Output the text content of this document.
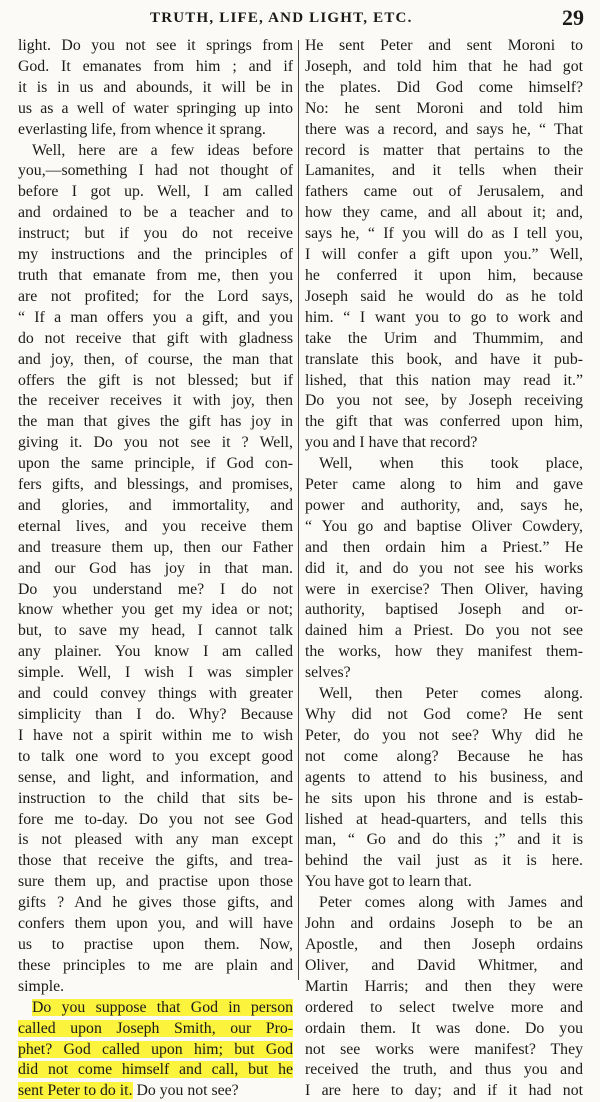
TRUTH, LIFE, AND LIGHT, ETC.	29
light. Do you not see it springs from
God. It emanates from him ; and if
it is in us and abounds, it will be in
us as a well of water springing up into
everlasting life, from whence it sprang.
Well, here are a few ideas before
you,—something I had not thought of
before I got up. Well, I am called
and ordained to be a teacher and to
instruct; but if you do not receive
my instructions and the principles of
truth that emanate from me, then you
are not profited; for the Lord says,
“ If a man offers you a gift, and you
do not receive that gift with gladness
and joy, then, of course, the man that
offers the gift is not blessed; but if
the receiver receives it with joy, then
the man that gives the gift has joy in
giving it. Do you not see it ? Well,
upon the same principle, if God con-
fers gifts, and blessings, and promises,
and glories, and immortality, and
eternal lives, and you receive them
and treasure them up, then our Father
and our God has joy in that man.
Do you understand me? I do not
know whether you get my idea or not;
but, to save my head, I cannot talk
any plainer. You know I am called
simple. Well, I wish I was simpler
and could convey things with greater
simplicity than I do. Why? Because
I have not a spirit within me to wish
to talk one word to you except good
sense, and light, and information, and
instruction to the child that sits be-
fore me to-day. Do you not see God
is not pleased with any man except
those that receive the gifts, and trea-
sure them up, and practise upon those
gifts ? And he gives those gifts, and
confers them upon you, and will have
us to practise upon them. Now,
these principles to me are plain and
simple.
Do you suppose that God in person
called upon Joseph Smith, our Pro-
phet? God called upon him; but God
did not come himself and call, but he
sent Peter to do it. Do you not see?
He sent Peter and sent Moroni to
Joseph, and told him that he had got
the plates. Did God come himself?
No: he sent Moroni and told him
there was a record, and says he, “ That
record is matter that pertains to the
Lamanites, and it tells when their
fathers came out of Jerusalem, and
how they came, and all about it; and,
says he, “ If you will do as I tell you,
I will confer a gift upon you.” Well,
he conferred it upon him, because
Joseph said he would do as he told
him. “ I want you to go to work and
take the Urim and Thummim, and
translate this book, and have it pub-
lished, that this nation may read it.”
Do you not see, by Joseph receiving
the gift that was conferred upon him,
you and I have that record?
Well, when this took place,
Peter came along to him and gave
power and authority, and, says he,
“ You go and baptise Oliver Cowdery,
and then ordain him a Priest.” He
did it, and do you not see his works
were in exercise? Then Oliver, having
authority, baptised Joseph and or-
dained him a Priest. Do you not see
the works, how they manifest them-
selves?
Well, then Peter comes along.
Why did not God come? He sent
Peter, do you not see? Why did he
not come along? Because he has
agents to attend to his business, and
he sits upon his throne and is estab-
lished at head-quarters, and tells this
man, “ Go and do this ;” and it is
behind the vail just as it is here.
You have got to learn that.
Peter comes along with James and
John and ordains Joseph to be an
Apostle, and then Joseph ordains
Oliver, and David Whitmer, and
Martin Harris; and then they were
ordered to select twelve more and
ordain them. It was done. Do you
not see works were manifest? They
received the truth, and thus you and
I are here to day; and if it had not
